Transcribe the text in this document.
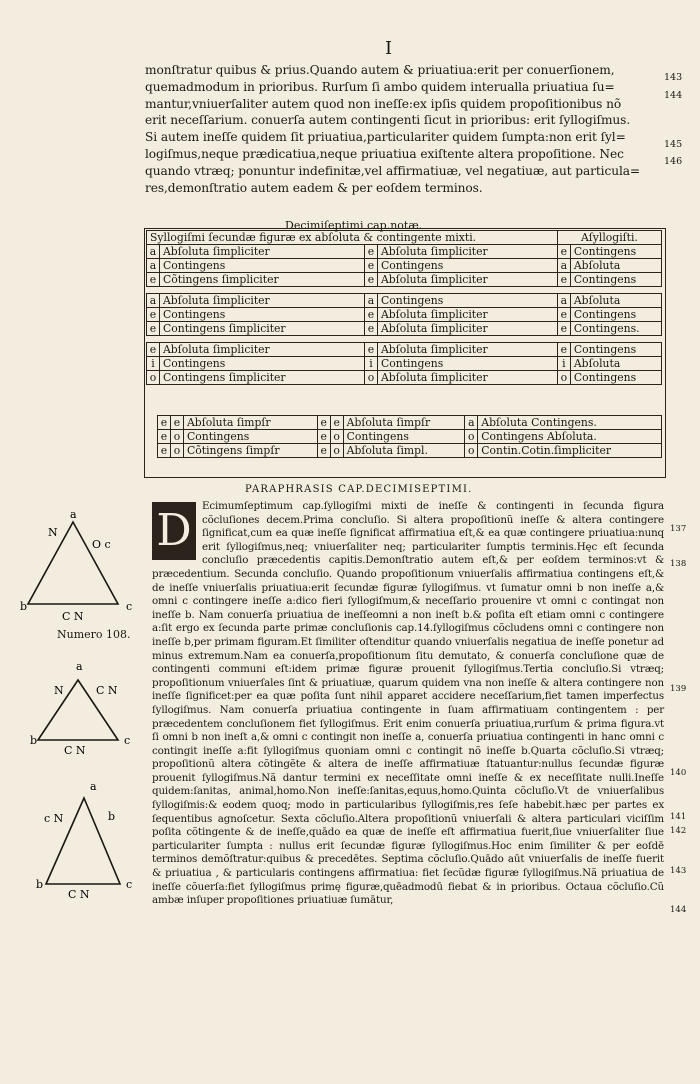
I
monſtratur quibus & prius.Quando autem & priuatiua:erit per conuerſionem,
quemadmodum in prioribus. Rurſum ſi ambo quidem interualla priuatiua ſu=
mantur,vniuerſaliter autem quod non ineſſe:ex ipſis quidem propoſitionibus nõ
erit neceſſarium. conuerſa autem contingenti ſicut in prioribus: erit ſyllogiſmus.
Si autem ineſſe quidem ſit priuatiua,particulariter quidem ſumpta:non erit ſyl=
logiſmus,neque prædicatiua,neque priuatiua exiſtente altera propoſitione. Nec
quando vtræq; ponuntur indefinitæ,vel affirmatiuæ, vel negatiuæ, aut particula=
res,demonſtratio autem eadem & per eoſdem terminos.
143
144
145
146
Decimiſeptimi cap.notæ.
Syllogiſmi ſecundæ figuræ ex abſoluta & contingente mixti.				Aſyllogiſti.	
a	Abſoluta ſimpliciter	e	Abſoluta ſimpliciter	e	Contingens
a	Contingens	e	Contingens	a	Abſoluta
e	Cõtingens ſimpliciter	e	Abſoluta ſimpliciter	e	Contingens

a	Abſoluta ſimpliciter	a	Contingens	a	Abſoluta
e	Contingens	e	Abſoluta ſimpliciter	e	Contingens
e	Contingens ſimpliciter	e	Abſoluta ſimpliciter	e	Contingens.

e	Abſoluta ſimpliciter	e	Abſoluta ſimpliciter	e	Contingens
i	Contingens	i	Contingens	i	Abſoluta
o	Contingens ſimpliciter	o	Abſoluta ſimpliciter	o	Contingens
e	e	Abſoluta ſimpſr	e	e	Abſoluta ſimpſr	a	Abſoluta Contingens.
e	o	Contingens	e	o	Contingens	o	Contingens Abſoluta.
e	o	Cõtingens ſimpſr	e	o	Abſoluta ſimpl.	o	Contin.Cotin.ſimpliciter
PARAPHRASIS CAP.DECIMISEPTIMI.
D	Ecimumſeptimum cap.ſyllogiſmi mixti de ineſſe & contingenti in ſecunda figura cõcluſiones decem.Prima concluſio. Si altera propoſitionũ ineſſe & altera contingere ſignificat,cum ea quæ ineſſe ſignificat affirmatiua eſt,& ea quæ contingere priuatiua:nunq erit ſyllogiſmus,neq; vniuerſaliter neq; particulariter ſumptis terminis.Hęc eſt ſecunda concluſio præcedentis capitis.Demonſtratio autem eſt,& per eoſdem terminos:vt & præcedentium. Secunda concluſio. Quando propoſitionum vniuerſalis affirmatiua contingens eſt,& de ineſſe vniuerſalis priuatiua:erit ſecundæ figuræ ſyllogiſmus. vt ſumatur omni b non ineſſe a,& omni c contingere ineſſe a:dico fieri ſyllogiſmum,& neceſſario prouenire vt omni c contingat non ineſſe b. Nam conuerſa priuatiua de ineſſeomni a non ineſt b.& poſita eſt etiam omni c contingere a:ſit ergo ex ſecunda parte primæ concluſionis cap.14.ſyllogiſmus cõcludens omni c contingere non ineſſe b,per primam figuram.Et ſimiliter oſtenditur quando vniuerſalis negatiua de ineſſe ponetur ad minus extremum.Nam ea conuerſa,propoſitionum ſitu demutato, & conuerſa concluſione quæ de contingenti communi eſt:idem primæ figuræ prouenit ſyllogiſmus.Tertia concluſio.Si vtræq; propoſitionum vniuerſales ſint & priuatiuæ, quarum quidem vna non ineſſe & altera contingere non ineſſe ſignificet:per ea quæ poſita ſunt nihil apparet accidere neceſſarium,fiet tamen imperfectus ſyllogiſmus. Nam conuerſa priuatiua contingente in ſuam affirmatiuam contingentem : per præcedentem concluſionem fiet ſyllogiſmus. Erit enim conuerſa priuatiua,rurſum & prima figura.vt ſi omni b non ineſt a,& omni c contingit non ineſſe a, conuerſa priuatiua contingenti in hanc omni c contingit ineſſe a:fit ſyllogiſmus quoniam omni c contingit nõ ineſſe b.Quarta cõcluſio.Si vtræq; propoſitionũ altera cõtingẽte & altera de ineſſe affirmatiuæ ſtatuantur:nullus ſecundæ figuræ prouenit ſyllogiſmus.Nã dantur termini ex neceſſitate omni ineſſe & ex neceſſitate nulli.Ineſſe quidem:ſanitas, animal,homo.Non ineſſe:ſanitas,equus,homo.Quinta cõcluſio.Vt de vniuerſalibus ſyllogiſmis:& eodem quoq; modo in particularibus ſyllogiſmis,res ſeſe habebit.hæc per partes ex ſequentibus agnoſcetur. Sexta cõcluſio.Altera propoſitionũ vniuerſali & altera particulari viciſſim poſita cõtingente & de ineſſe,quādo ea quæ de ineſſe eſt affirmatiua fuerit,ſiue vniuerſaliter ſiue particulariter ſumpta : nullus erit ſecundæ figuræ ſyllogiſmus.Hoc enim ſimiliter & per eoſdē terminos demõſtratur:quibus & precedētes. Septima cõcluſio.Quādo aūt vniuerſalis de ineſſe fuerit & priuatiua , & particularis contingens affirmatiua: fiet ſecũdæ figuræ ſyllogiſmus.Nã priuatiua de ineſſe cõuerſa:fiet ſyllogiſmus primę figuræ,quēadmodū fiebat & in prioribus. Octaua cõcluſio.Cũ ambæ inſuper propoſitiones priuatiuæ ſumātur,
137
138
139
140
141
142
143
144
a
N
O c
b
C N
c
a
N	C N
b
C N
c
a
c N	b
b
C N
c
Numero 108.
